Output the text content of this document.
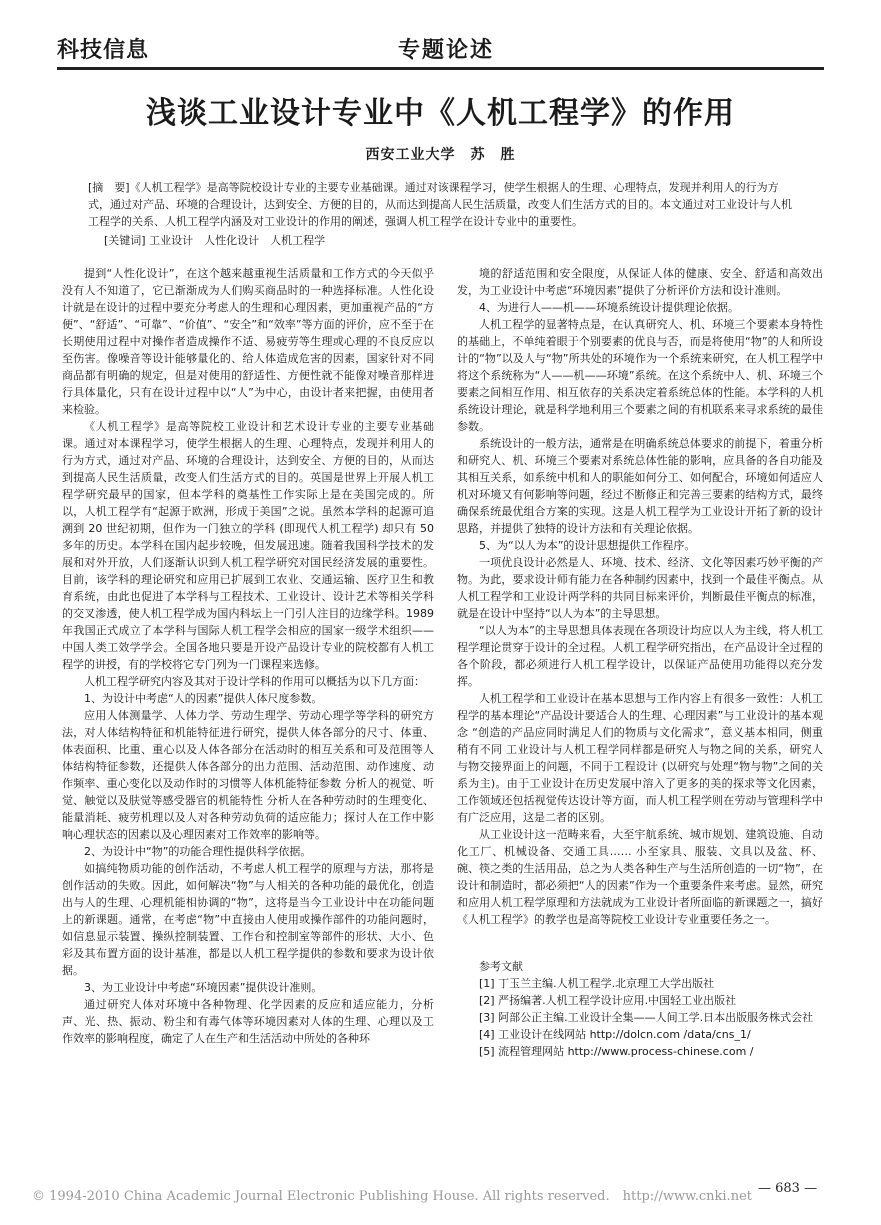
科技信息	专题论述
浅谈工业设计专业中《人机工程学》的作用
西安工业大学　苏　胜

[摘　要]《人机工程学》是高等院校设计专业的主要专业基础课。通过对该课程学习，使学生根据人的生理、心理特点，发现并利用人的行为方式，通过对产品、环境的合理设计，达到安全、方便的目的，从而达到提高人民生活质量，改变人们生活方式的目的。本文通过对工业设计与人机工程学的关系、人机工程学内涵及对工业设计的作用的阐述，强调人机工程学在设计专业中的重要性。

[关键词] 工业设计　人性化设计　人机工程学

提到“人性化设计”，在这个越来越重视生活质量和工作方式的今天似乎没有人不知道了，它已渐渐成为人们购买商品时的一种选择标准。人性化设计就是在设计的过程中要充分考虑人的生理和心理因素，更加重视产品的“方便”、“舒适”、“可靠”、“价值”、“安全”和“效率”等方面的评价，应不至于在长期使用过程中对操作者造成操作不适、易疲劳等生理或心理的不良反应以至伤害。像噪音等设计能够量化的、给人体造成危害的因素，国家针对不同商品都有明确的规定，但是对使用的舒适性、方便性就不能像对噪音那样进行具体量化，只有在设计过程中以“人”为中心，由设计者来把握，由使用者来检验。

《人机工程学》是高等院校工业设计和艺术设计专业的主要专业基础课。通过对本课程学习，使学生根据人的生理、心理特点，发现并利用人的行为方式，通过对产品、环境的合理设计，达到安全、方便的目的，从而达到提高人民生活质量，改变人们生活方式的目的。英国是世界上开展人机工程学研究最早的国家，但本学科的奠基性工作实际上是在美国完成的。所以，人机工程学有“起源于欧洲，形成于美国”之说。虽然本学科的起源可追溯到 20 世纪初期，但作为一门独立的学科 (即现代人机工程学) 却只有 50 多年的历史。本学科在国内起步较晚，但发展迅速。随着我国科学技术的发展和对外开放，人们逐渐认识到人机工程学研究对国民经济发展的重要性。目前，该学科的理论研究和应用已扩展到工农业、交通运输、医疗卫生和教育系统，由此也促进了本学科与工程技术、工业设计、设计艺术等相关学科的交叉渗透，使人机工程学成为国内科坛上一门引人注目的边缘学科。1989 年我国正式成立了本学科与国际人机工程学会相应的国家一级学术组织——中国人类工效学学会。全国各地只要是开设产品设计专业的院校都有人机工程学的讲授，有的学校将它专门列为一门课程来选修。

人机工程学研究内容及其对于设计学科的作用可以概括为以下几方面：

1、为设计中考虑“人的因素”提供人体尺度参数。

应用人体测量学、人体力学、劳动生理学、劳动心理学等学科的研究方法，对人体结构特征和机能特征进行研究，提供人体各部分的尺寸、体重、体表面积、比重、重心以及人体各部分在活动时的相互关系和可及范围等人体结构特征参数，还提供人体各部分的出力范围、活动范围、动作速度、动作频率、重心变化以及动作时的习惯等人体机能特征参数 分析人的视觉、听觉、触觉以及肤觉等感受器官的机能特性 分析人在各种劳动时的生理变化、能量消耗、疲劳机理以及人对各种劳动负荷的适应能力；探讨人在工作中影响心理状态的因素以及心理因素对工作效率的影响等。

2、为设计中“物”的功能合理性提供科学依据。

如搞纯物质功能的创作活动，不考虑人机工程学的原理与方法，那将是创作活动的失败。因此，如何解决“物”与人相关的各种功能的最优化，创造出与人的生理、心理机能相协调的“物”，这将是当今工业设计中在功能问题上的新课题。通常，在考虑“物”中直接由人使用或操作部件的功能问题时，如信息显示装置、操纵控制装置、工作台和控制室等部件的形状、大小、色彩及其布置方面的设计基准，都是以人机工程学提供的参数和要求为设计依据。

3、为工业设计中考虑“环境因素”提供设计准则。

通过研究人体对环境中各种物理、化学因素的反应和适应能力，分析声、光、热、振动、粉尘和有毒气体等环境因素对人体的生理、心理以及工作效率的影响程度，确定了人在生产和生活活动中所处的各种环

境的舒适范围和安全限度，从保证人体的健康、安全、舒适和高效出发，为工业设计中考虑“环境因素”提供了分析评价方法和设计准则。

4、为进行人——机——环境系统设计提供理论依据。

人机工程学的显著特点是，在认真研究人、机、环境三个要素本身特性的基础上，不单纯着眼于个别要素的优良与否，而是将使用“物”的人和所设计的“物”以及人与“物”所共处的环境作为一个系统来研究，在人机工程学中将这个系统称为“人——机——环境”系统。在这个系统中人、机、环境三个要素之间相互作用、相互依存的关系决定着系统总体的性能。本学科的人机系统设计理论，就是科学地利用三个要素之间的有机联系来寻求系统的最佳参数。

系统设计的一般方法，通常是在明确系统总体要求的前提下，着重分析和研究人、机、环境三个要素对系统总体性能的影响，应具备的各自功能及其相互关系，如系统中机和人的职能如何分工、如何配合，环境如何适应人 机对环境又有何影响等问题，经过不断修正和完善三要素的结构方式，最终确保系统最优组合方案的实现。这是人机工程学为工业设计开拓了新的设计思路，并提供了独特的设计方法和有关理论依据。

5、为“以人为本”的设计思想提供工作程序。

一项优良设计必然是人、环境、技术、经济、文化等因素巧妙平衡的产物。为此，要求设计师有能力在各种制约因素中，找到一个最佳平衡点。从人机工程学和工业设计两学科的共同目标来评价，判断最佳平衡点的标准，就是在设计中坚持“以人为本”的主导思想。

“以人为本”的主导思想具体表现在各项设计均应以人为主线，将人机工程学理论贯穿于设计的全过程。人机工程学研究指出，在产品设计全过程的各个阶段，都必须进行人机工程学设计，以保证产品使用功能得以充分发挥。

人机工程学和工业设计在基本思想与工作内容上有很多一致性：人机工程学的基本理论“产品设计要适合人的生理、心理因素”与工业设计的基本观念 “创造的产品应同时满足人们的物质与文化需求”，意义基本相同，侧重稍有不同 工业设计与人机工程学同样都是研究人与物之间的关系，研究人与物交接界面上的问题，不同于工程设计 (以研究与处理“物与物”之间的关系为主)。由于工业设计在历史发展中溶入了更多的美的探求等文化因素，工作领域还包括视觉传达设计等方面，而人机工程学则在劳动与管理科学中有广泛应用，这是二者的区别。

从工业设计这一范畴来看，大至宇航系统、城市规划、建筑设施、自动化工厂、机械设备、交通工具…… 小至家具、服装、文具以及盆、杯、碗、筷之类的生活用品，总之为人类各种生产与生活所创造的一切“物”，在设计和制造时，都必须把“人的因素”作为一个重要条件来考虑。显然，研究和应用人机工程学原理和方法就成为工业设计者所面临的新课题之一，搞好《人机工程学》的教学也是高等院校工业设计专业重要任务之一。

参考文献

[1] 丁玉兰主编.人机工程学.北京理工大学出版社

[2] 严扬编著.人机工程学设计应用.中国轻工业出版社

[3] 阿部公正主编.工业设计全集——人间工学.日本出版服务株式会社

[4] 工业设计在线网站 http://dolcn.com /data/cns_1/

[5] 流程管理网站 http://www.process-chinese.com /

© 1994-2010 China Academic Journal Electronic Publishing House. All rights reserved.　http://www.cnki.net
— 683 —
